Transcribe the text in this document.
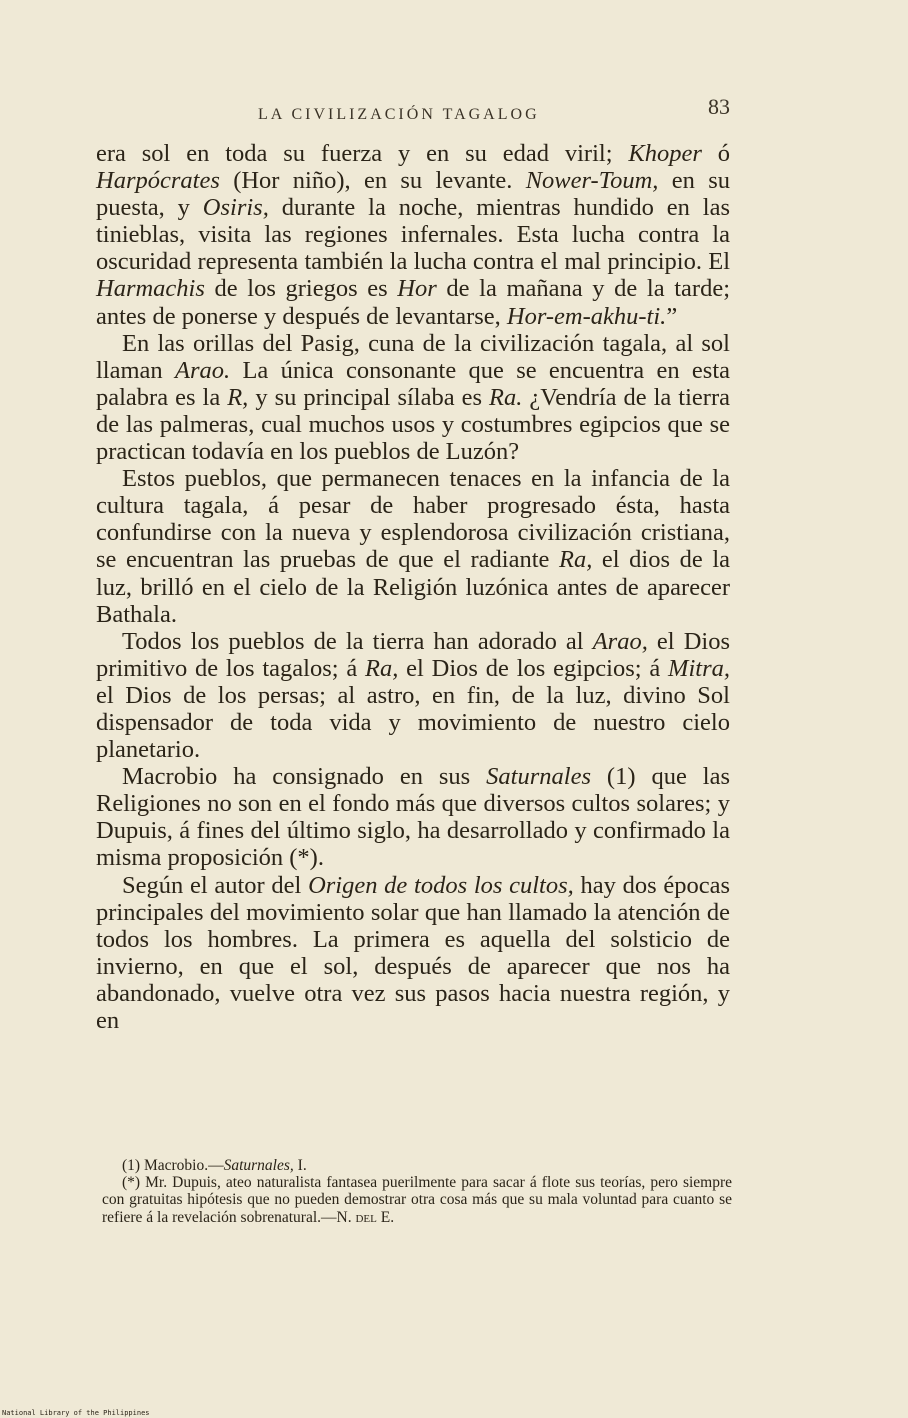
LA CIVILIZACIÓN TAGALOG	83

era sol en toda su fuerza y en su edad viril; Khoper ó Harpócrates (Hor niño), en su levante. Nower-Toum, en su puesta, y Osiris, durante la noche, mientras hundido en las tinieblas, visita las regiones infernales. Esta lucha contra la oscuridad representa también la lucha contra el mal principio. El Harmachis de los griegos es Hor de la mañana y de la tarde; antes de ponerse y después de levantarse, Hor-em-akhu-ti.”

En las orillas del Pasig, cuna de la civilización tagala, al sol llaman Arao. La única consonante que se encuentra en esta palabra es la R, y su principal sílaba es Ra. ¿Vendría de la tierra de las palmeras, cual muchos usos y costumbres egipcios que se practican todavía en los pueblos de Luzón?

Estos pueblos, que permanecen tenaces en la infancia de la cultura tagala, á pesar de haber progresado ésta, hasta confundirse con la nueva y esplendorosa civilización cristiana, se encuentran las pruebas de que el radiante Ra, el dios de la luz, brilló en el cielo de la Religión luzónica antes de aparecer Bathala.

Todos los pueblos de la tierra han adorado al Arao, el Dios primitivo de los tagalos; á Ra, el Dios de los egipcios; á Mitra, el Dios de los persas; al astro, en fin, de la luz, divino Sol dispensador de toda vida y movimiento de nuestro cielo planetario.

Macrobio ha consignado en sus Saturnales (1) que las Religiones no son en el fondo más que diversos cultos solares; y Dupuis, á fines del último siglo, ha desarrollado y confirmado la misma proposición (*).

Según el autor del Origen de todos los cultos, hay dos épocas principales del movimiento solar que han llamado la atención de todos los hombres. La primera es aquella del solsticio de invierno, en que el sol, después de aparecer que nos ha abandonado, vuelve otra vez sus pasos hacia nuestra región, y en

(1) Macrobio.—Saturnales, I.

(*) Mr. Dupuis, ateo naturalista fantasea puerilmente para sacar á flote sus teorías, pero siempre con gratuitas hipótesis que no pueden demostrar otra cosa más que su mala voluntad para cuanto se refiere á la revelación sobrenatural.—N. del E.

National Library of the Philippines
